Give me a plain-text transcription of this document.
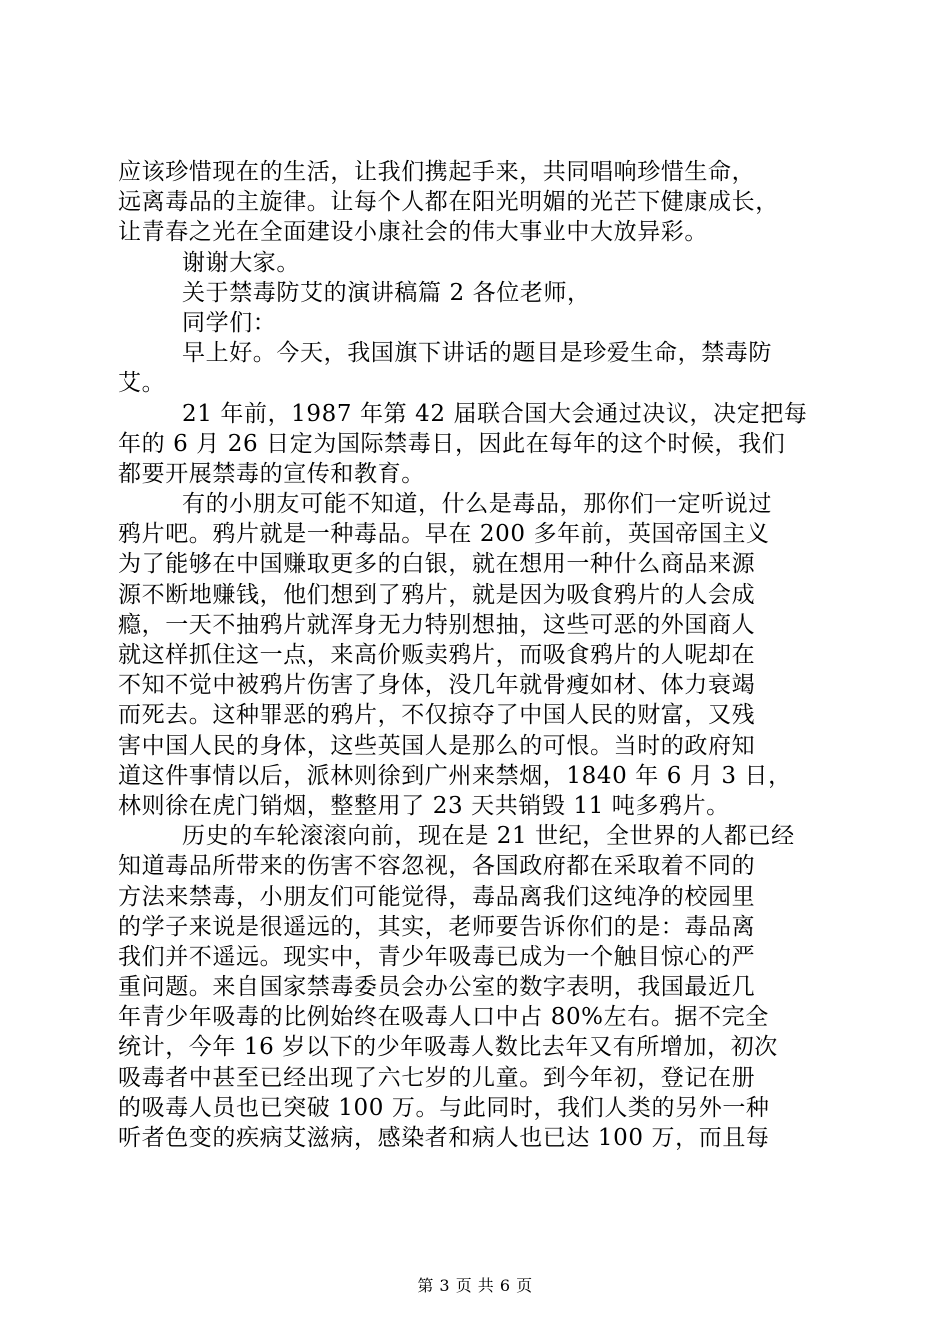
应该珍惜现在的生活，让我们携起手来，共同唱响珍惜生命，
远离毒品的主旋律。让每个人都在阳光明媚的光芒下健康成长，
让青春之光在全面建设小康社会的伟大事业中大放异彩。
谢谢大家。
关于禁毒防艾的演讲稿篇 2 各位老师，
同学们：
早上好。今天，我国旗下讲话的题目是珍爱生命，禁毒防
艾。
21 年前，1987 年第 42 届联合国大会通过决议，决定把每
年的 6 月 26 日定为国际禁毒日，因此在每年的这个时候，我们
都要开展禁毒的宣传和教育。
有的小朋友可能不知道，什么是毒品，那你们一定听说过
鸦片吧。鸦片就是一种毒品。早在 200 多年前，英国帝国主义
为了能够在中国赚取更多的白银，就在想用一种什么商品来源
源不断地赚钱，他们想到了鸦片，就是因为吸食鸦片的人会成
瘾，一天不抽鸦片就浑身无力特别想抽，这些可恶的外国商人
就这样抓住这一点，来高价贩卖鸦片，而吸食鸦片的人呢却在
不知不觉中被鸦片伤害了身体，没几年就骨瘦如材、体力衰竭
而死去。这种罪恶的鸦片，不仅掠夺了中国人民的财富，又残
害中国人民的身体，这些英国人是那么的可恨。当时的政府知
道这件事情以后，派林则徐到广州来禁烟，1840 年 6 月 3 日，
林则徐在虎门销烟，整整用了 23 天共销毁 11 吨多鸦片。
历史的车轮滚滚向前，现在是 21 世纪，全世界的人都已经
知道毒品所带来的伤害不容忽视，各国政府都在采取着不同的
方法来禁毒，小朋友们可能觉得，毒品离我们这纯净的校园里
的学子来说是很遥远的，其实，老师要告诉你们的是：毒品离
我们并不遥远。现实中，青少年吸毒已成为一个触目惊心的严
重问题。来自国家禁毒委员会办公室的数字表明，我国最近几
年青少年吸毒的比例始终在吸毒人口中占 80%左右。据不完全
统计，今年 16 岁以下的少年吸毒人数比去年又有所增加，初次
吸毒者中甚至已经出现了六七岁的儿童。到今年初，登记在册
的吸毒人员也已突破 100 万。与此同时，我们人类的另外一种
听者色变的疾病艾滋病，感染者和病人也已达 100 万，而且每
第 3 页 共 6 页
